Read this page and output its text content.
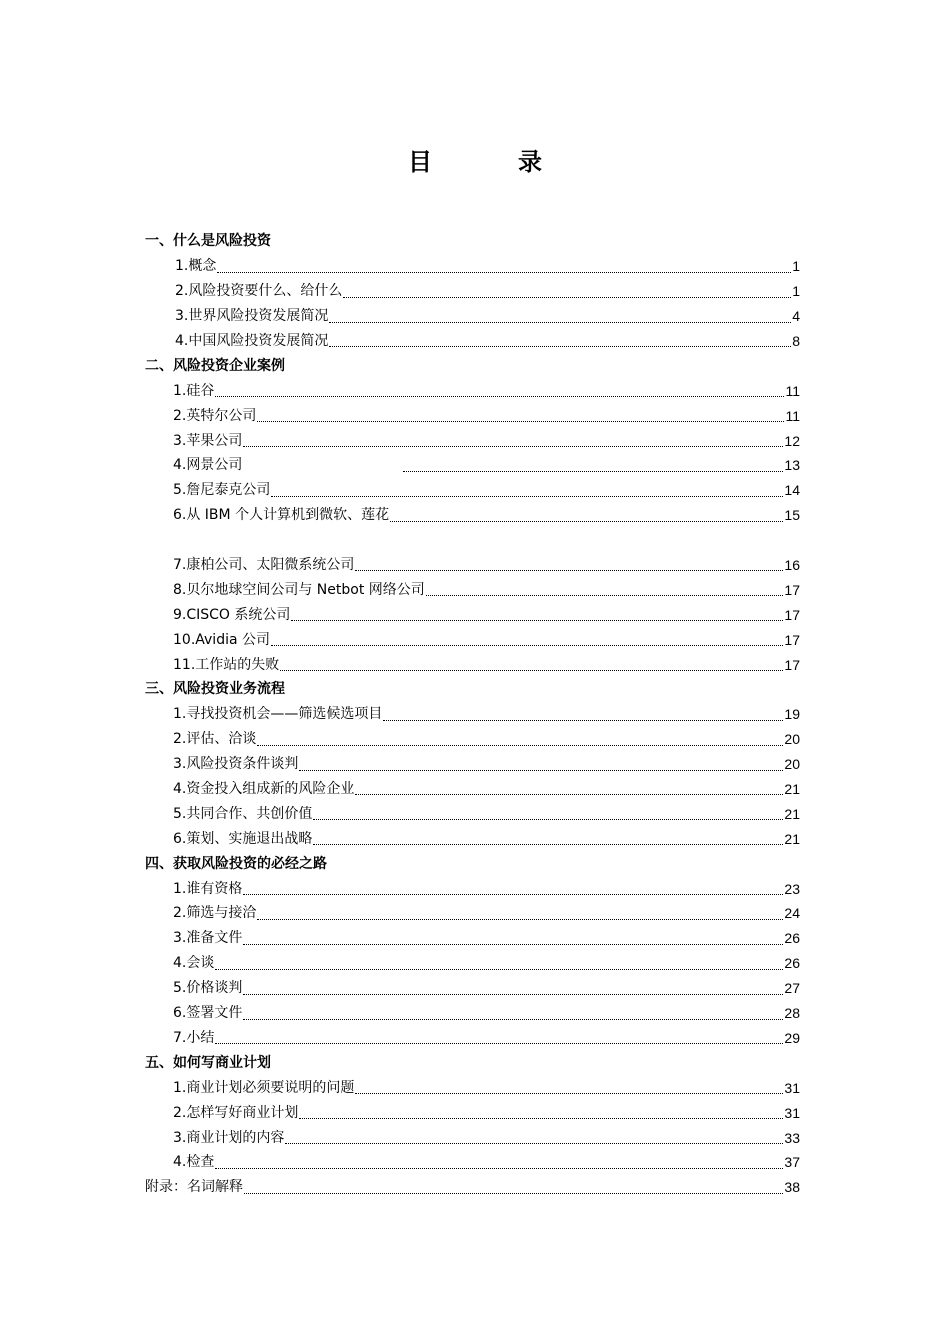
目	录
一、什么是风险投资
1.概念	1
2.风险投资要什么、给什么	1
3.世界风险投资发展简况	4
4.中国风险投资发展简况	8
二、风险投资企业案例
1.硅谷	11
2.英特尔公司	11
3.苹果公司	12
4.网景公司	13
5.詹尼泰克公司	14
6.从 IBM 个人计算机到微软、莲花	15
7.康柏公司、太阳微系统公司	16
8.贝尔地球空间公司与 Netbot 网络公司	17
9.CISCO 系统公司	17
10.Avidia 公司	17
11.工作站的失败	17
三、风险投资业务流程
1.寻找投资机会——筛选候选项目	19
2.评估、洽谈	20
3.风险投资条件谈判	20
4.资金投入组成新的风险企业	21
5.共同合作、共创价值	21
6.策划、实施退出战略	21
四、获取风险投资的必经之路
1.谁有资格	23
2.筛选与接洽	24
3.准备文件	26
4.会谈	26
5.价格谈判	27
6.签署文件	28
7.小结	29
五、如何写商业计划
1.商业计划必须要说明的问题	31
2.怎样写好商业计划	31
3.商业计划的内容	33
4.检查	37
附录：名词解释	38
